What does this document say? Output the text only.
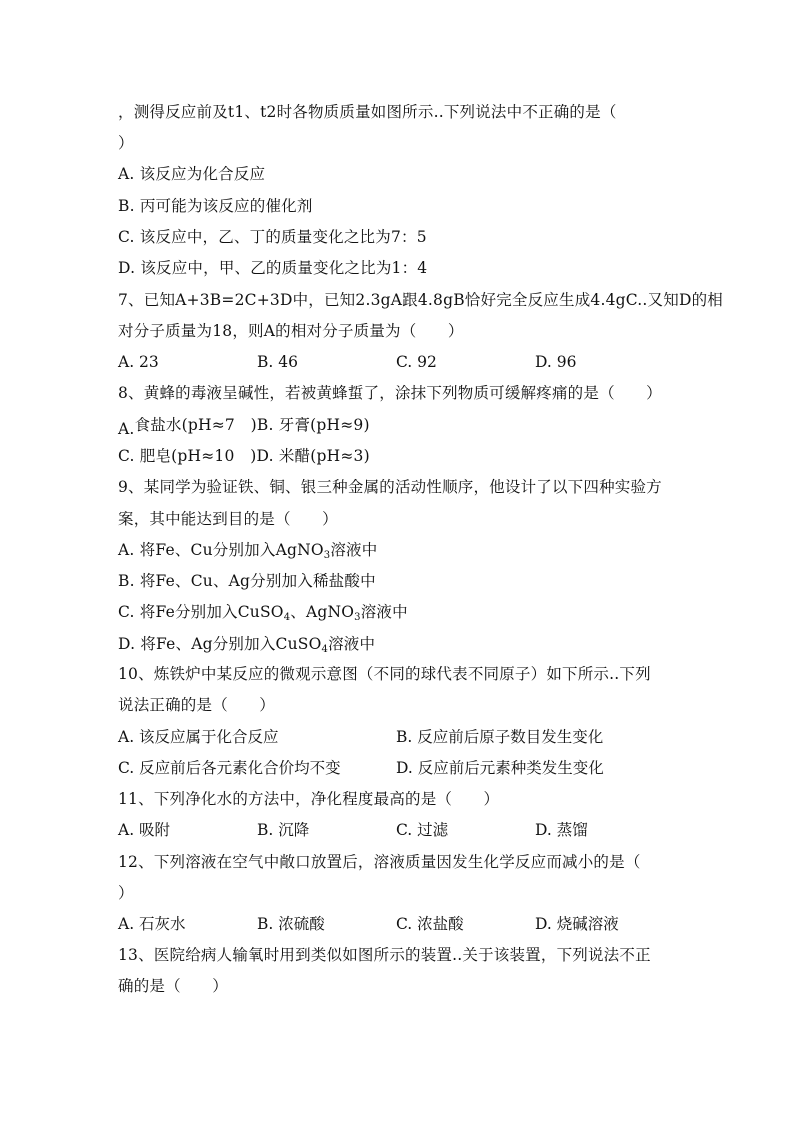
，测得反应前及t1、t2时各物质质量如图所示..下列说法中不正确的是（
）
A. 该反应为化合反应
B. 丙可能为该反应的催化剂
C. 该反应中，乙、丁的质量变化之比为7：5
D. 该反应中，甲、乙的质量变化之比为1：4
7、已知A+3B=2C+3D中，已知2.3gA跟4.8gB恰好完全反应生成4.4gC..又知D的相
对分子质量为18，则A的相对分子质量为（　　）
A. 23	B. 46	C. 92	D. 96
8、黄蜂的毒液呈碱性，若被黄蜂蜇了，涂抹下列物质可缓解疼痛的是（　　）
A.食盐水(pH≈7　)B. 牙膏(pH≈9)
C. 肥皂(pH≈10　)D. 米醋(pH≈3)
9、某同学为验证铁、铜、银三种金属的活动性顺序，他设计了以下四种实验方
案，其中能达到目的是（　　）
A. 将Fe、Cu分别加入AgNO$_3$溶液中
B. 将Fe、Cu、Ag分别加入稀盐酸中
C. 将Fe分别加入CuSO$_4$、AgNO$_3$溶液中
D. 将Fe、Ag分别加入CuSO$_4$溶液中
10、炼铁炉中某反应的微观示意图（不同的球代表不同原子）如下所示..下列
说法正确的是（　　）
A. 该反应属于化合反应	B. 反应前后原子数目发生变化
C. 反应前后各元素化合价均不变	D. 反应前后元素种类发生变化
11、下列净化水的方法中，净化程度最高的是（　　）
A. 吸附	B. 沉降	C. 过滤	D. 蒸馏
12、下列溶液在空气中敞口放置后，溶液质量因发生化学反应而减小的是（
）
A. 石灰水	B. 浓硫酸	C. 浓盐酸	D. 烧碱溶液
13、医院给病人输氧时用到类似如图所示的装置..关于该装置，下列说法不正
确的是（　　）
